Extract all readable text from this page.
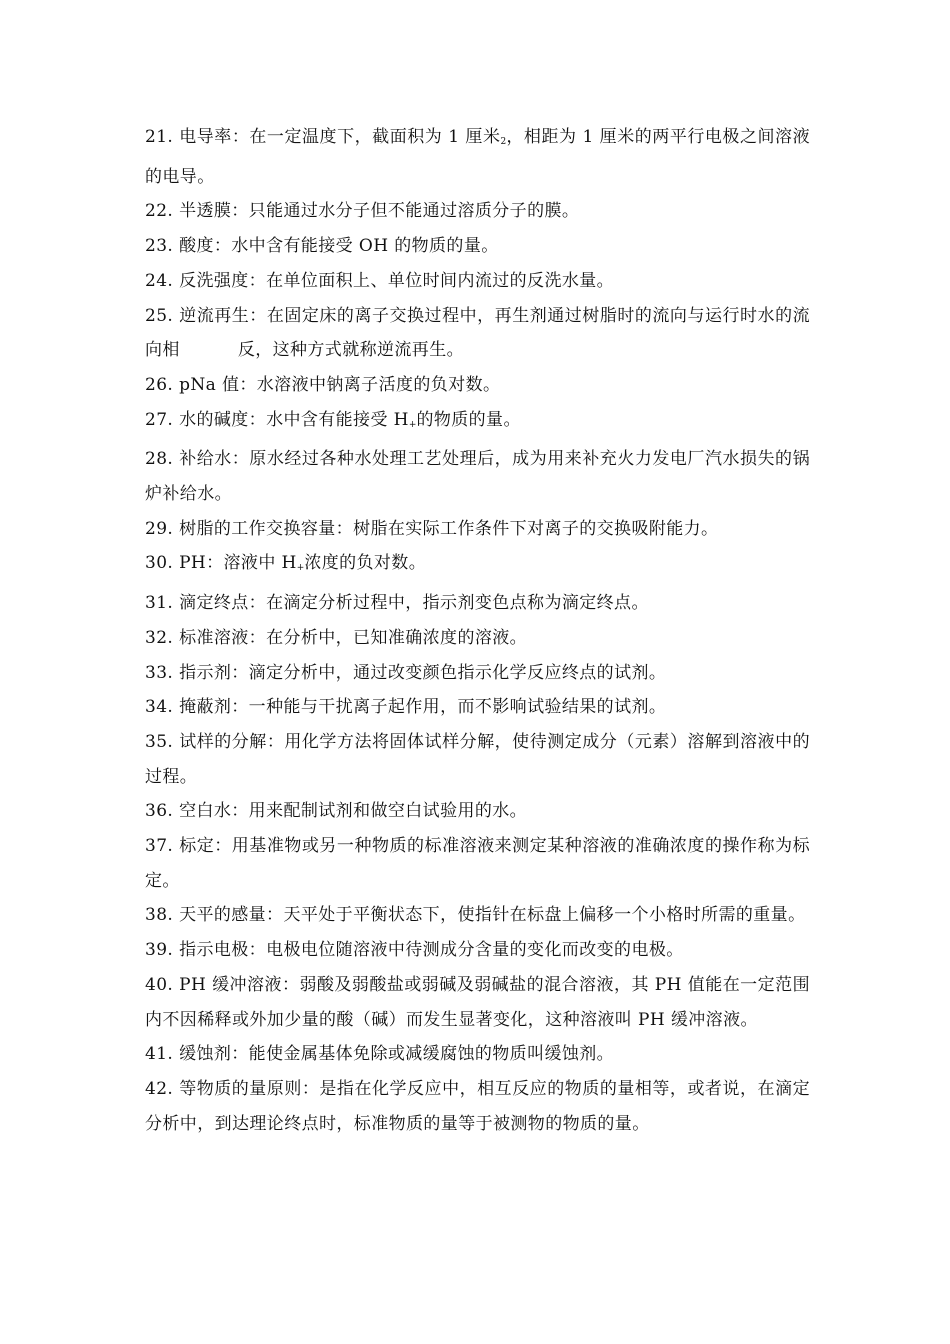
21. 电导率：在一定温度下，截面积为 1 厘米$_2$，相距为 1 厘米的两平行电极之间溶液的电导。

22. 半透膜：只能通过水分子但不能通过溶质分子的膜。

23. 酸度：水中含有能接受 OH 的物质的量。

24. 反洗强度：在单位面积上、单位时间内流过的反洗水量。

25. 逆流再生：在固定床的离子交换过程中，再生剂通过树脂时的流向与运行时水的流向相	反，这种方式就称逆流再生。

26. pNa 值：水溶液中钠离子活度的负对数。

27. 水的碱度：水中含有能接受 $H_+$的物质的量。

28. 补给水：原水经过各种水处理工艺处理后，成为用来补充火力发电厂汽水损失的锅炉补给水。

29. 树脂的工作交换容量：树脂在实际工作条件下对离子的交换吸附能力。

30. PH：溶液中 $H_+$浓度的负对数。

31. 滴定终点：在滴定分析过程中，指示剂变色点称为滴定终点。

32. 标准溶液：在分析中，已知准确浓度的溶液。

33. 指示剂：滴定分析中，通过改变颜色指示化学反应终点的试剂。

34. 掩蔽剂：一种能与干扰离子起作用，而不影响试验结果的试剂。

35. 试样的分解：用化学方法将固体试样分解，使待测定成分（元素）溶解到溶液中的过程。

36. 空白水：用来配制试剂和做空白试验用的水。

37. 标定：用基准物或另一种物质的标准溶液来测定某种溶液的准确浓度的操作称为标定。

38. 天平的感量：天平处于平衡状态下，使指针在标盘上偏移一个小格时所需的重量。

39. 指示电极：电极电位随溶液中待测成分含量的变化而改变的电极。

40. PH 缓冲溶液：弱酸及弱酸盐或弱碱及弱碱盐的混合溶液，其 PH 值能在一定范围内不因稀释或外加少量的酸（碱）而发生显著变化，这种溶液叫 PH 缓冲溶液。

41. 缓蚀剂：能使金属基体免除或减缓腐蚀的物质叫缓蚀剂。

42. 等物质的量原则：是指在化学反应中，相互反应的物质的量相等，或者说，在滴定分析中，到达理论终点时，标准物质的量等于被测物的物质的量。
